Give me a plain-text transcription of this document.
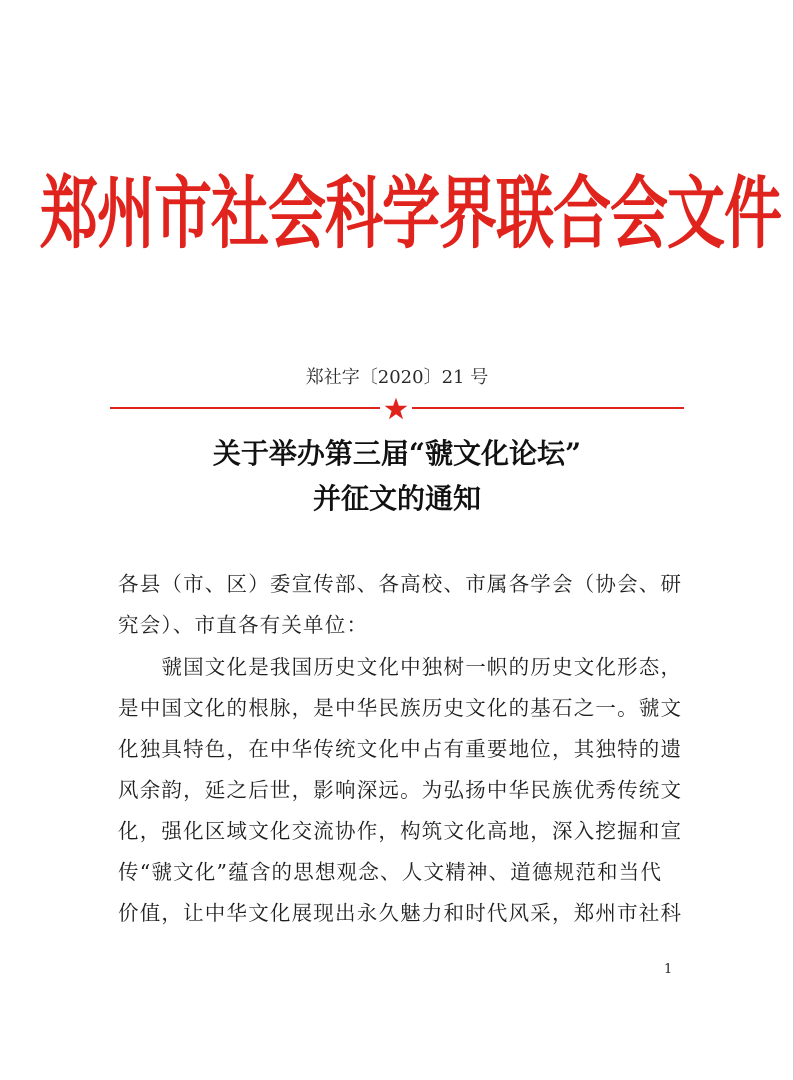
郑州市社会科学界联合会文件
郑社字〔2020〕21 号
关于举办第三届“虢文化论坛”
并征文的通知
各县（市、区）委宣传部、各高校、市属各学会（协会、研
究会）、市直各有关单位：
　　虢国文化是我国历史文化中独树一帜的历史文化形态，
是中国文化的根脉，是中华民族历史文化的基石之一。虢文
化独具特色，在中华传统文化中占有重要地位，其独特的遗
风余韵，延之后世，影响深远。为弘扬中华民族优秀传统文
化，强化区域文化交流协作，构筑文化高地，深入挖掘和宣
传“虢文化”蕴含的思想观念、人文精神、道德规范和当代
价值，让中华文化展现出永久魅力和时代风采，郑州市社科
1
